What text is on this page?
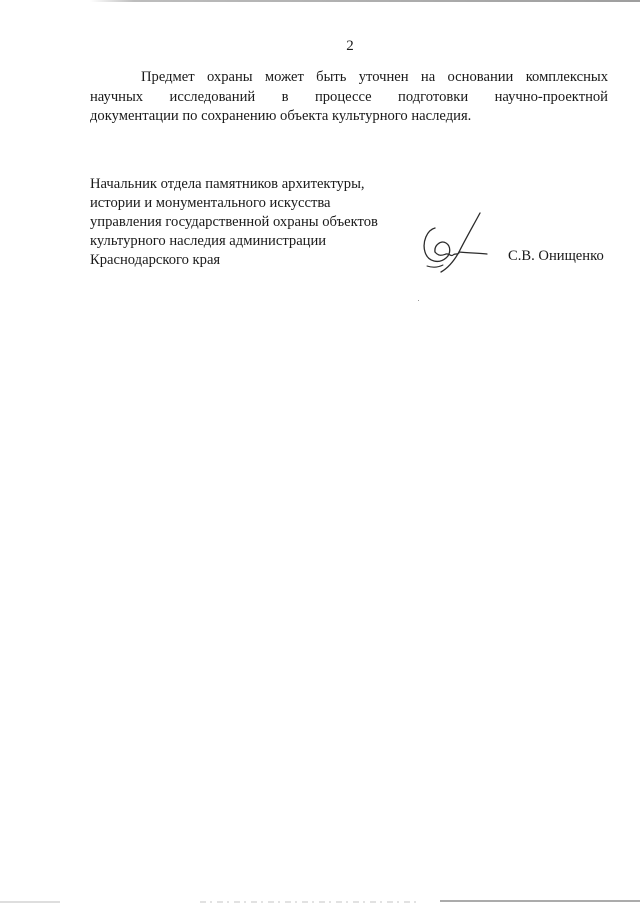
2
Предмет охраны может быть уточнен на основании комплексных
научных исследований в процессе подготовки научно-проектной
документации по сохранению объекта культурного наследия.
Начальник отдела памятников архитектуры,
истории и монументального искусства
управления государственной охраны объектов
культурного наследия администрации
Краснодарского края	С.В. Онищенко
